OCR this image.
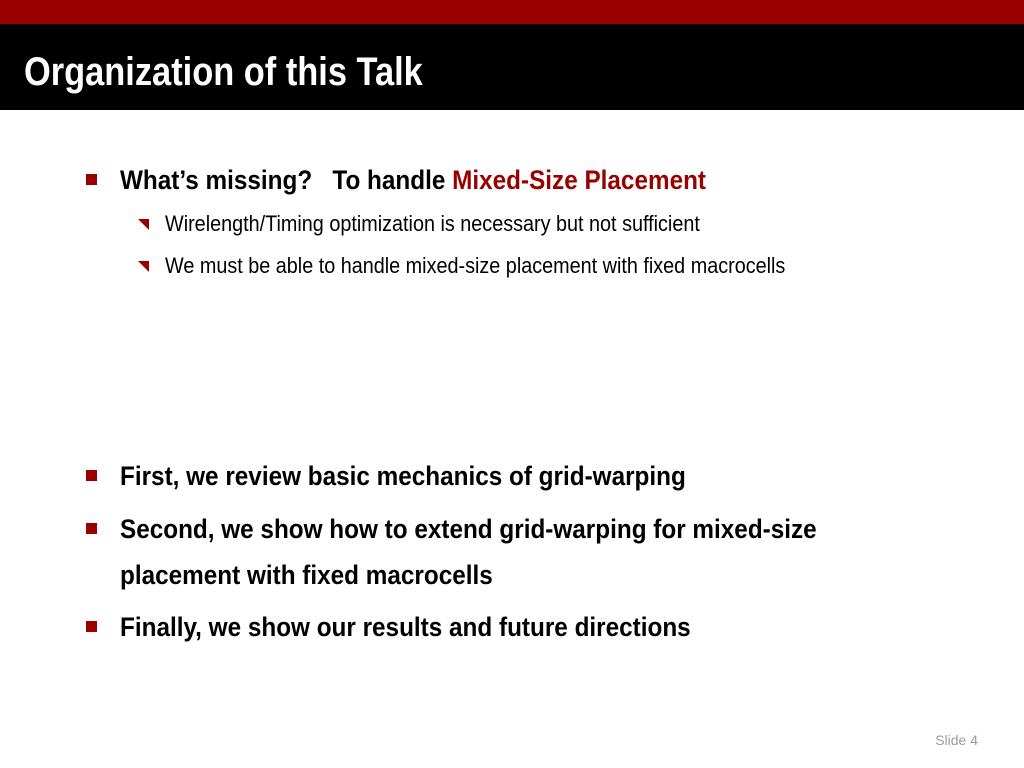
Organization of this Talk
What’s missing?   To handle Mixed-Size Placement
Wirelength/Timing optimization is necessary but not sufficient
We must be able to handle mixed-size placement with fixed macrocells
First, we review basic mechanics of grid-warping
Second, we show how to extend grid-warping for mixed-size placement with fixed macrocells
Finally, we show our results and future directions
Slide 4
